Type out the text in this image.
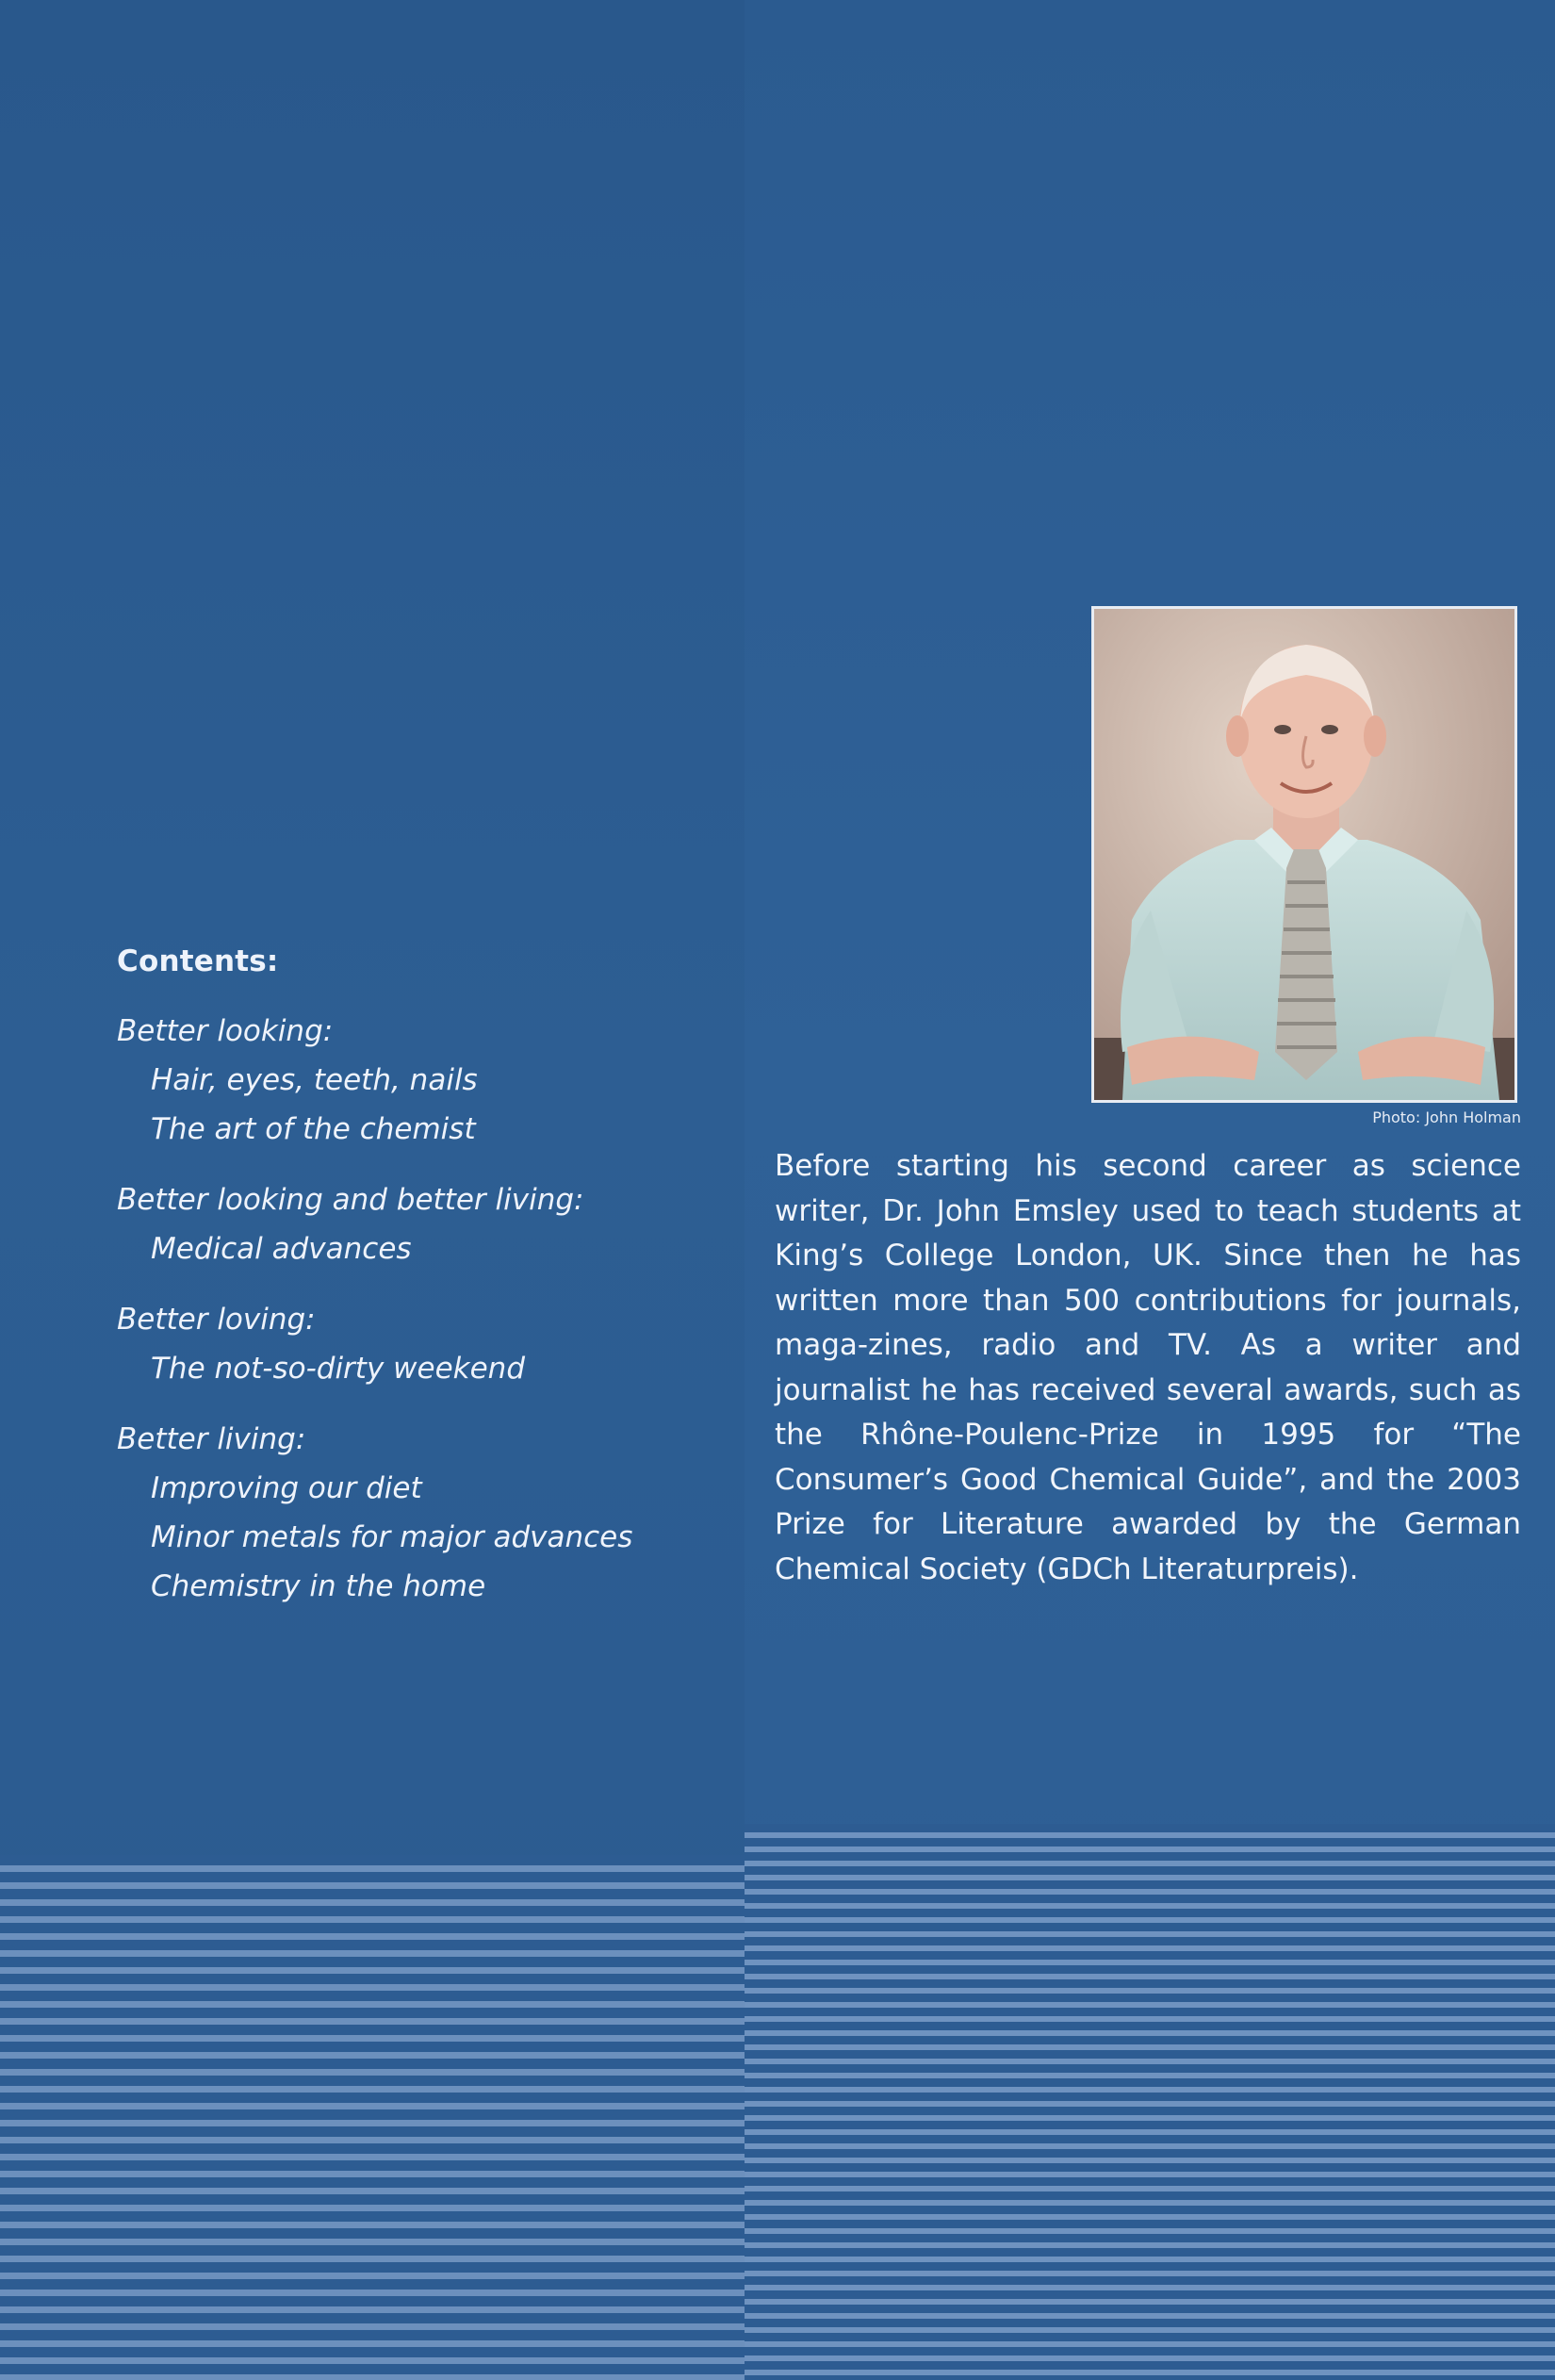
Contents:
Better looking:
Hair, eyes, teeth, nails
The art of the chemist
Better looking and better living:
Medical advances
Better loving:
The not-so-dirty weekend
Better living:
Improving our diet
Minor metals for major advances
Chemistry in the home
Photo: John Holman
Before starting his second career as science writer, Dr. John Emsley used to teach students at King’s College London, UK. Since then he has written more than 500 contributions for journals, maga-zines, radio and TV. As a writer and journalist he has received several awards, such as the Rhône-Poulenc-Prize in 1995 for “The Consumer’s Good Chemical Guide”, and the 2003 Prize for Literature awarded by the German Chemical Society (GDCh Literaturpreis).
